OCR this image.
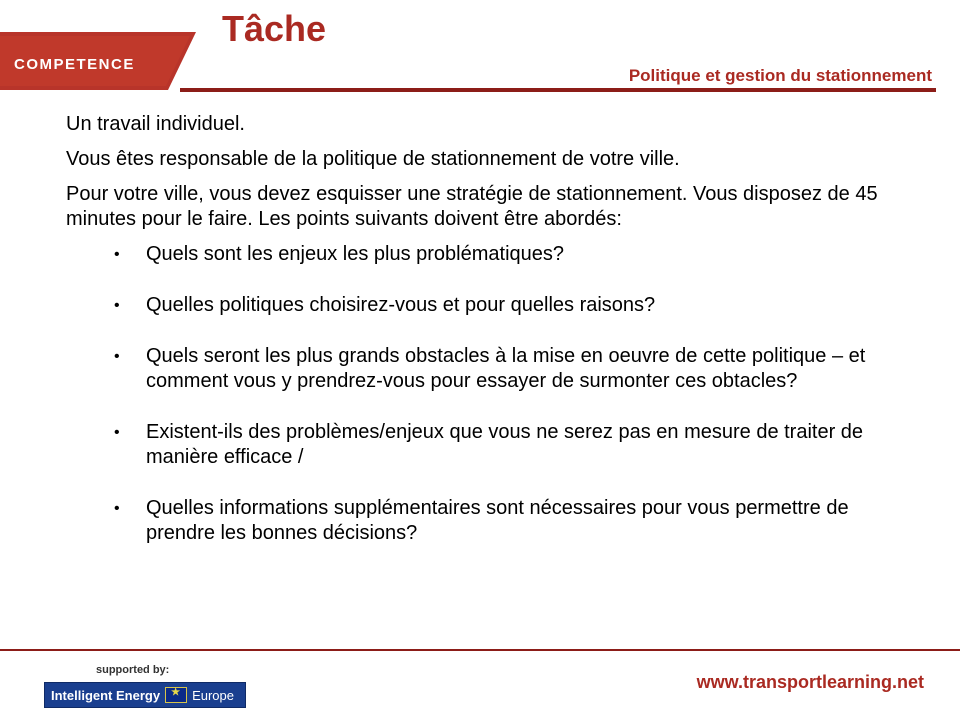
COMPETENCE
Tâche
Politique et gestion du stationnement

Un travail individuel.

Vous êtes responsable de la politique de stationnement de votre ville.

Pour votre ville, vous devez esquisser une stratégie de stationnement. Vous disposez de 45 minutes pour le faire. Les points suivants doivent être abordés:

• Quels sont les enjeux les plus problématiques?
• Quelles politiques choisirez-vous et pour quelles raisons?
• Quels seront les plus grands obstacles à la mise en oeuvre de cette politique – et comment vous y prendrez-vous pour essayer de surmonter ces obtacles?
• Existent-ils des problèmes/enjeux que vous ne serez pas en mesure de traiter de manière efficace /
• Quelles informations supplémentaires sont nécessaires pour vous permettre de prendre les bonnes décisions?
supported by:
Intelligent Energy
★ Europe
www.transportlearning.net
